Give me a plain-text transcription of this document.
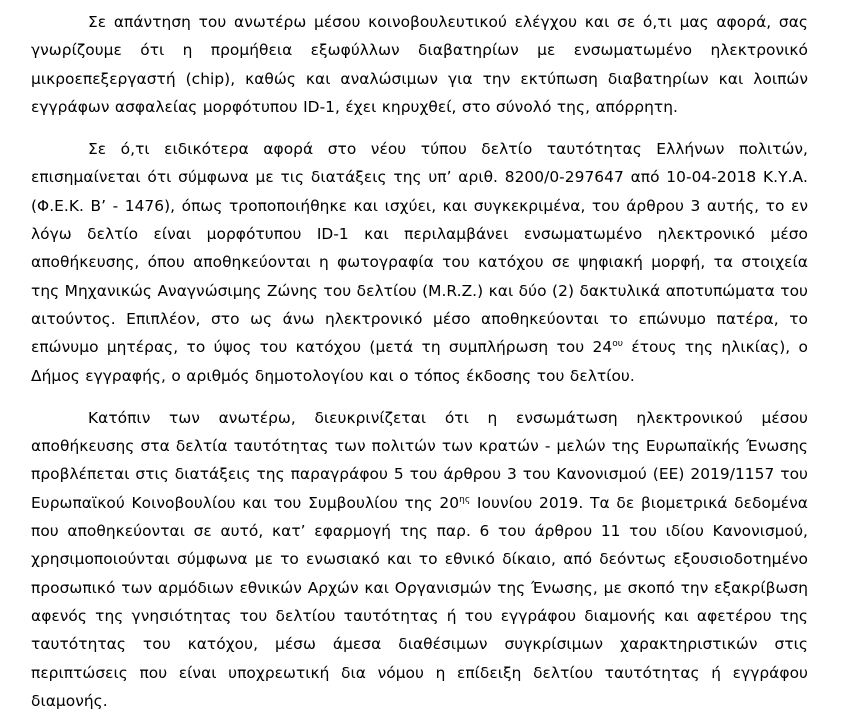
Σε απάντηση του ανωτέρω μέσου κοινοβουλευτικού ελέγχου και σε ό,τι μας αφορά, σας γνωρίζουμε ότι η προμήθεια εξωφύλλων διαβατηρίων με ενσωματωμένο ηλεκτρονικό μικροεπεξεργαστή (chip), καθώς και αναλώσιμων για την εκτύπωση διαβατηρίων και λοιπών εγγράφων ασφαλείας μορφότυπου ID-1, έχει κηρυχθεί, στο σύνολό της, απόρρητη.

Σε ό,τι ειδικότερα αφορά στο νέου τύπου δελτίο ταυτότητας Ελλήνων πολιτών, επισημαίνεται ότι σύμφωνα με τις διατάξεις της υπ’ αριθ. 8200/0-297647 από 10-04-2018 Κ.Υ.Α. (Φ.Ε.Κ. Β’ - 1476), όπως τροποποιήθηκε και ισχύει, και συγκεκριμένα, του άρθρου 3 αυτής, το εν λόγω δελτίο είναι μορφότυπου ID-1 και περιλαμβάνει ενσωματωμένο ηλεκτρονικό μέσο αποθήκευσης, όπου αποθηκεύονται η φωτογραφία του κατόχου σε ψηφιακή μορφή, τα στοιχεία της Μηχανικώς Αναγνώσιμης Ζώνης του δελτίου (M.R.Z.) και δύο (2) δακτυλικά αποτυπώματα του αιτούντος. Επιπλέον, στο ως άνω ηλεκτρονικό μέσο αποθηκεύονται το επώνυμο πατέρα, το επώνυμο μητέρας, το ύψος του κατόχου (μετά τη συμπλήρωση του $24^{o\upsilon}$ έτους της ηλικίας), ο Δήμος εγγραφής, ο αριθμός δημοτολογίου και ο τόπος έκδοσης του δελτίου.

Κατόπιν των ανωτέρω, διευκρινίζεται ότι η ενσωμάτωση ηλεκτρονικού μέσου αποθήκευσης στα δελτία ταυτότητας των πολιτών των κρατών - μελών της Ευρωπαϊκής Ένωσης προβλέπεται στις διατάξεις της παραγράφου 5 του άρθρου 3 του Κανονισμού (ΕΕ) 2019/1157 του Ευρωπαϊκού Κοινοβουλίου και του Συμβουλίου της $20^{\eta\varsigma}$ Ιουνίου 2019. Τα δε βιομετρικά δεδομένα που αποθηκεύονται σε αυτό, κατ’ εφαρμογή της παρ. 6 του άρθρου 11 του ιδίου Κανονισμού, χρησιμοποιούνται σύμφωνα με το ενωσιακό και το εθνικό δίκαιο, από δεόντως εξουσιοδοτημένο προσωπικό των αρμόδιων εθνικών Αρχών και Οργανισμών της Ένωσης, με σκοπό την εξακρίβωση αφενός της γνησιότητας του δελτίου ταυτότητας ή του εγγράφου διαμονής και αφετέρου της ταυτότητας του κατόχου, μέσω άμεσα διαθέσιμων συγκρίσιμων χαρακτηριστικών στις περιπτώσεις που είναι υποχρεωτική δια νόμου η επίδειξη δελτίου ταυτότητας ή εγγράφου διαμονής.
